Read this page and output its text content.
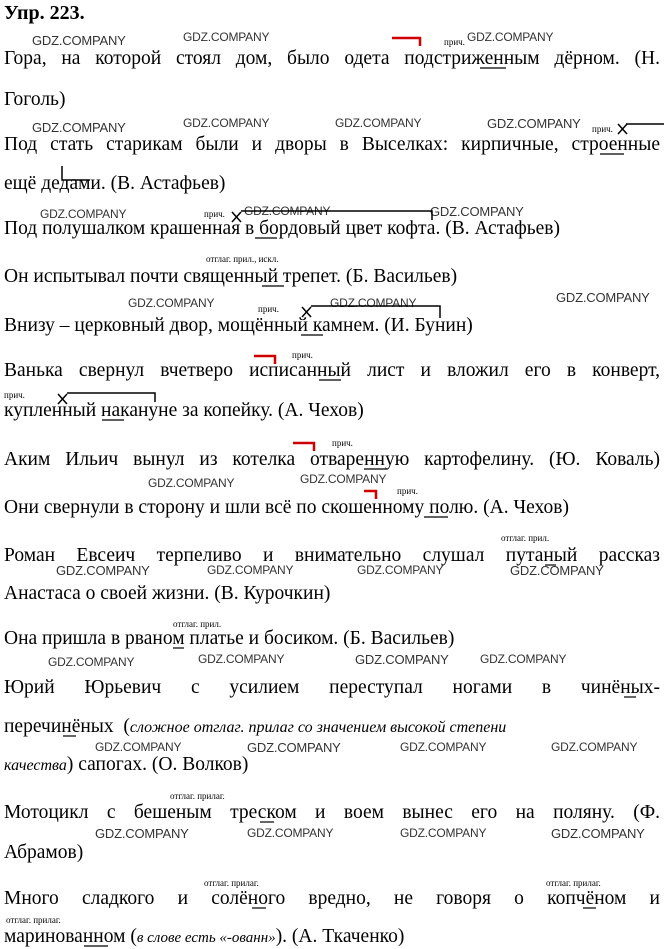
Упр. 223.
GDZ.COMPANY	GDZ.COMPANY	GDZ.COMPANY
GDZ.COMPANY	GDZ.COMPANY	GDZ.COMPANY	GDZ.COMPANY
GDZ.COMPANY	GDZ.COMPANY	GDZ.COMPANY
GDZ.COMPANY	GDZ.COMPANY	GDZ.COMPANY
GDZ.COMPANY	GDZ.COMPANY
GDZ.COMPANY	GDZ.COMPANY	GDZ.COMPANY	GDZ.COMPANY
GDZ.COMPANY	GDZ.COMPANY	GDZ.COMPANY	GDZ.COMPANY
GDZ.COMPANY	GDZ.COMPANY	GDZ.COMPANY	GDZ.COMPANY
GDZ.COMPANY	GDZ.COMPANY	GDZ.COMPANY	GDZ.COMPANY
Гора, на которой стоял дом, было одета подстриженным дёрном. (Н.
Гоголь)
Под стать старикам были и дворы в Выселках: кирпичные, строенные
ещё дедами. (В. Астафьев)
Под полушалком крашенная в бордовый цвет кофта. (В. Астафьев)
Он испытывал почти священный трепет. (Б. Васильев)
Внизу – церковный двор, мощённый камнем. (И. Бунин)
Ванька свернул вчетверо исписанный лист и вложил его в конверт,
купленный накануне за копейку. (А. Чехов)
Аким Ильич вынул из котелка отваренную картофелину. (Ю. Коваль)
Они свернули в сторону и шли всё по скошенному полю. (А. Чехов)
Роман Евсеич терпеливо и внимательно слушал путаный рассказ
Анастаса о своей жизни. (В. Курочкин)
Она пришла в рваном платье и босиком. (Б. Васильев)
Юрий Юрьевич с усилием переступал ногами в чинёных-
перечинёных  (сложное отглаг. прилаг со значением высокой степени
качества) сапогах. (О. Волков)
Мотоцикл с бешеным треском и воем вынес его на поляну. (Ф.
Абрамов)
Много сладкого и солёного вредно, не говоря о копчёном и
маринованном (в слове есть «-ованн»). (А. Ткаченко)
прич.
прич.
прич.
отглаг. прил., искл.
прич.
прич.
прич.
прич.
прич.
отглаг. прил.
отглаг. прил.
отглаг. прилаг.
отглаг. прилаг.	отглаг. прилаг.
отглаг. прилаг.
